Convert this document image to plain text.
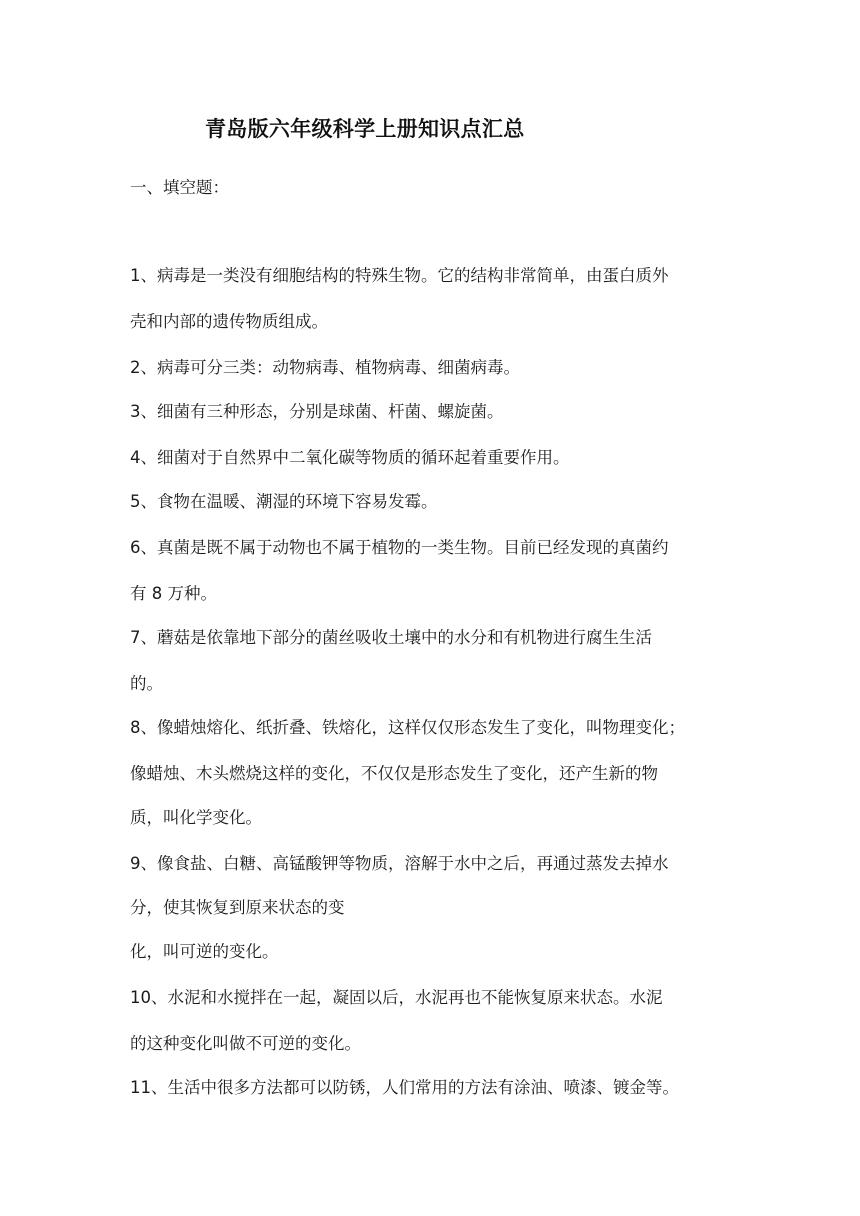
青岛版六年级科学上册知识点汇总

一、填空题：

1、病毒是一类没有细胞结构的特殊生物。它的结构非常简单，由蛋白质外

壳和内部的遗传物质组成。

2、病毒可分三类：动物病毒、植物病毒、细菌病毒。

3、细菌有三种形态，分别是球菌、杆菌、螺旋菌。

4、细菌对于自然界中二氧化碳等物质的循环起着重要作用。

5、食物在温暖、潮湿的环境下容易发霉。

6、真菌是既不属于动物也不属于植物的一类生物。目前已经发现的真菌约

有 8 万种。

7、蘑菇是依靠地下部分的菌丝吸收土壤中的水分和有机物进行腐生生活

的。

8、像蜡烛熔化、纸折叠、铁熔化，这样仅仅形态发生了变化，叫物理变化；

像蜡烛、木头燃烧这样的变化，不仅仅是形态发生了变化，还产生新的物

质，叫化学变化。

9、像食盐、白糖、高锰酸钾等物质，溶解于水中之后，再通过蒸发去掉水

分，使其恢复到原来状态的变

化，叫可逆的变化。

10、水泥和水搅拌在一起，凝固以后，水泥再也不能恢复原来状态。水泥

的这种变化叫做不可逆的变化。

11、生活中很多方法都可以防锈，人们常用的方法有涂油、喷漆、镀金等。
